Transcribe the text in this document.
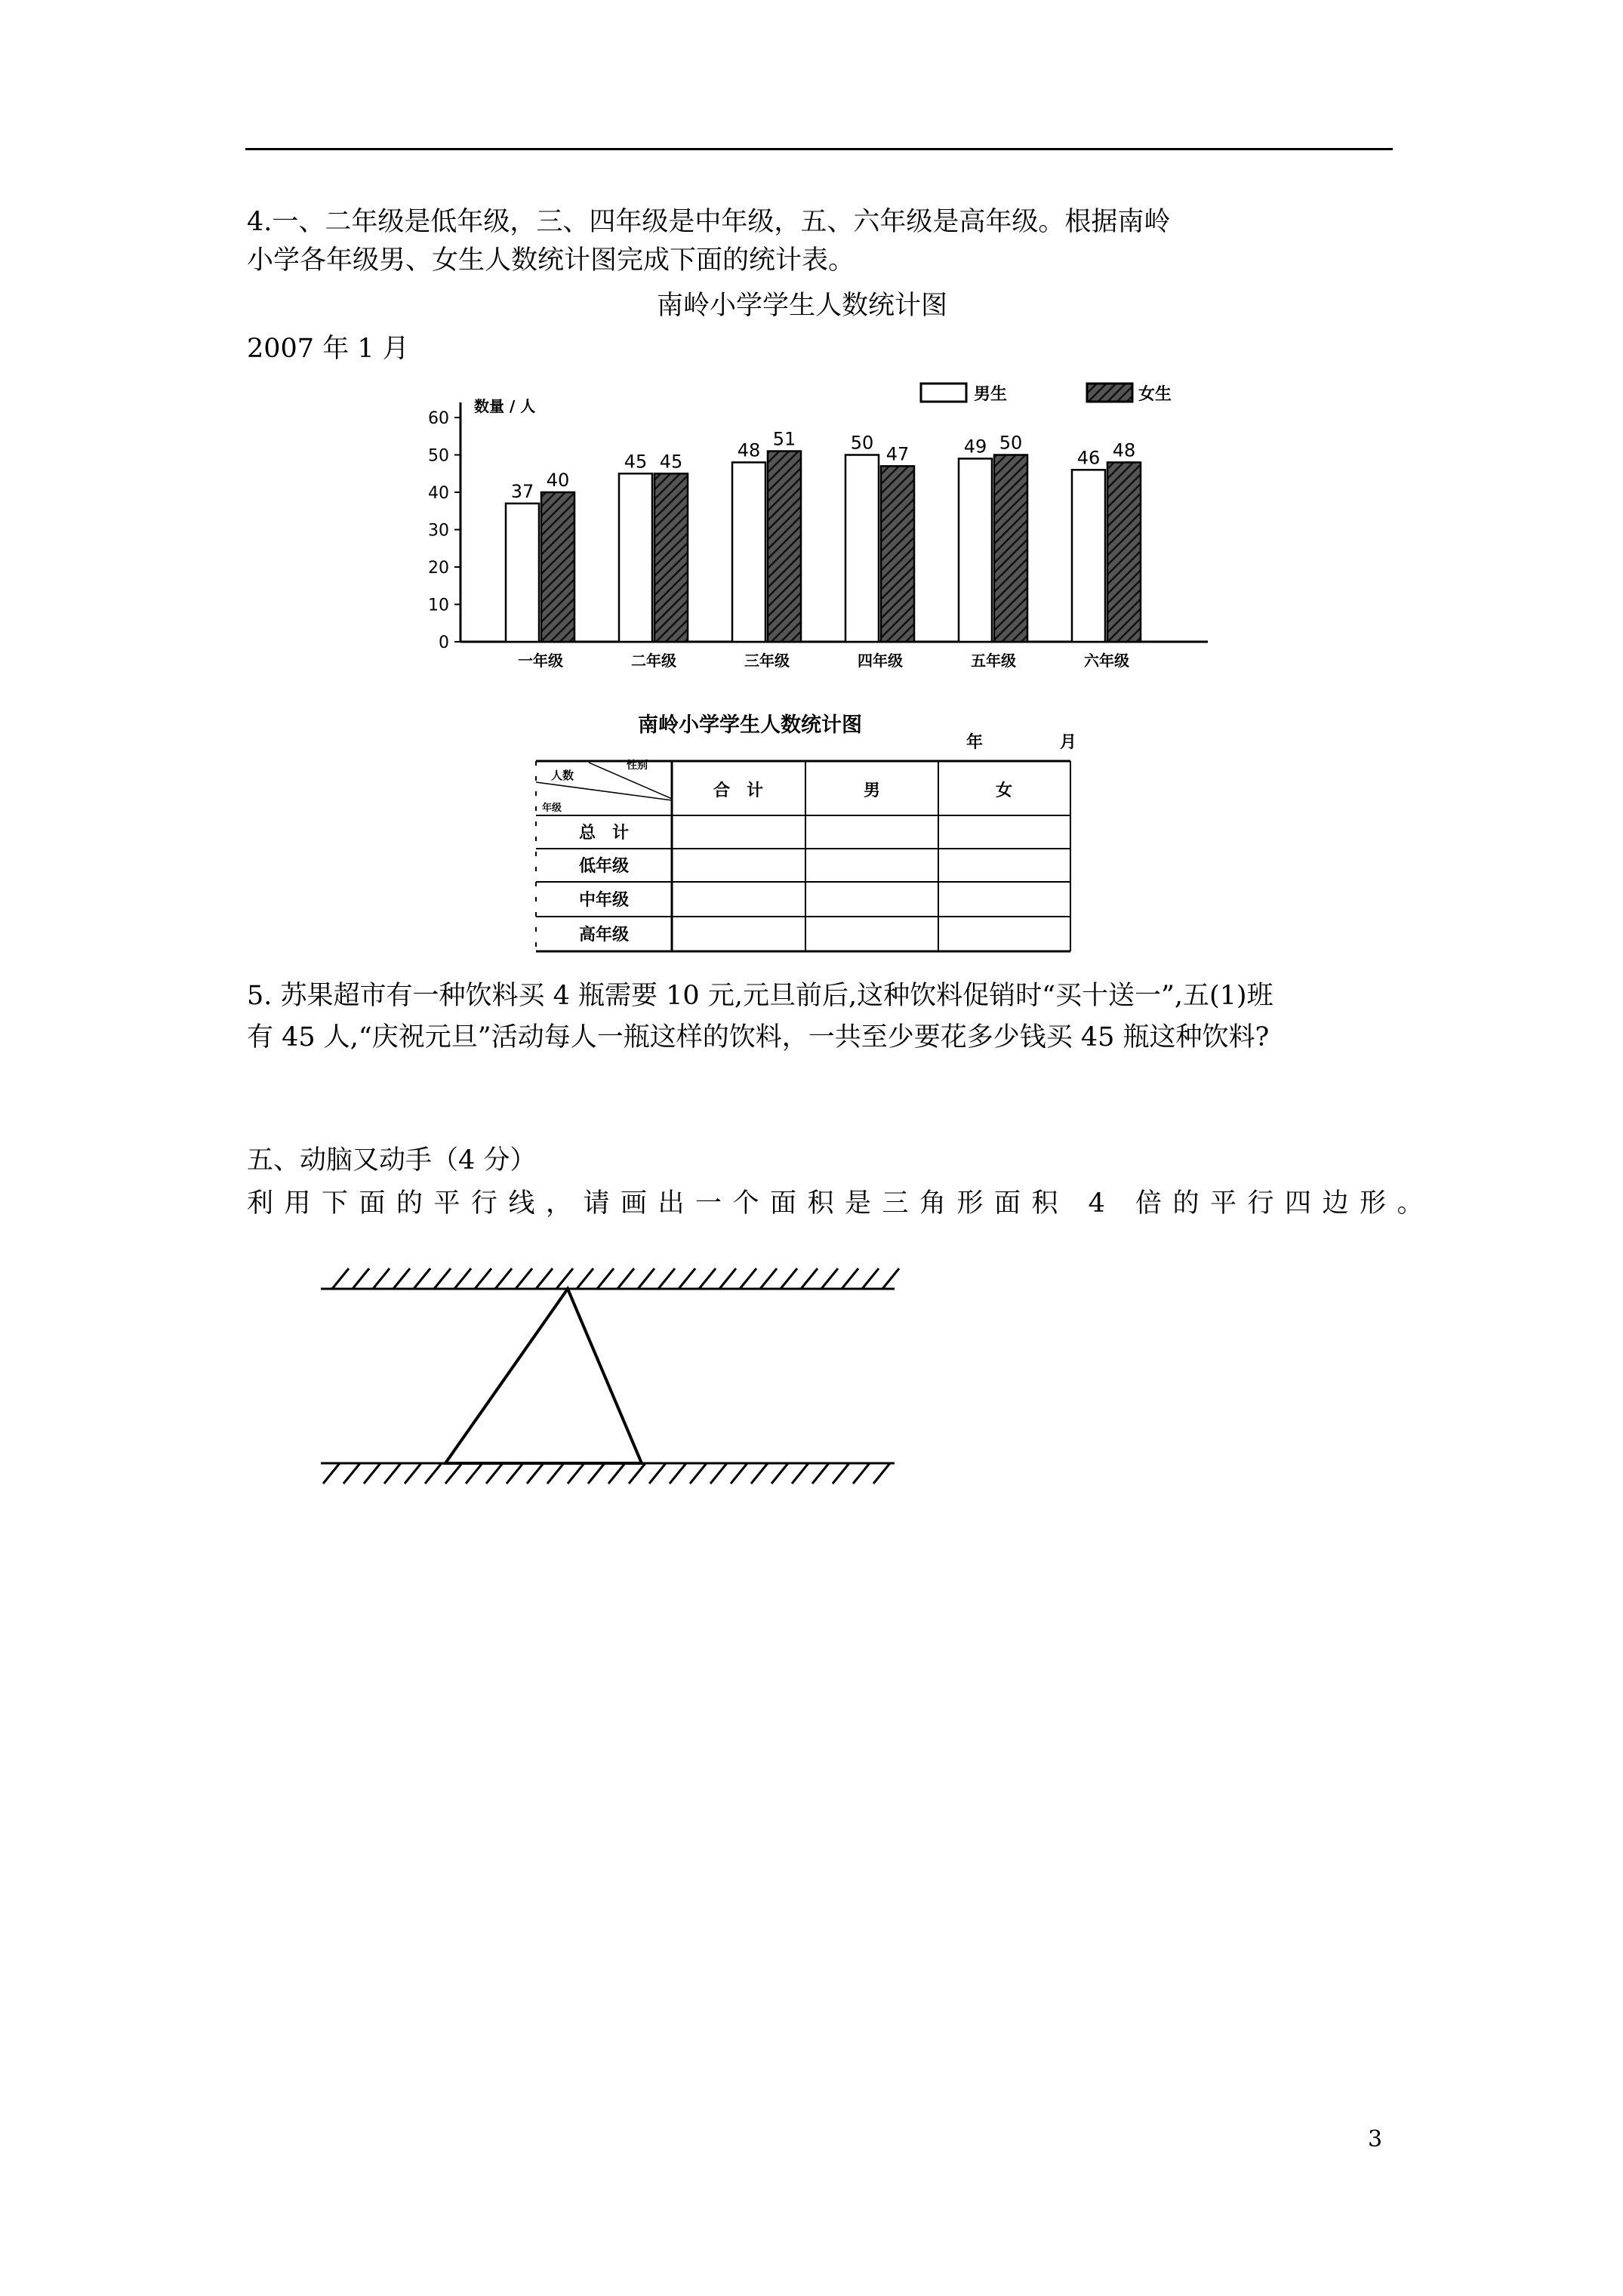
4.一、二年级是低年级，三、四年级是中年级，五、六年级是高年级。根据南岭
小学各年级男、女生人数统计图完成下面的统计表。
南岭小学学生人数统计图
2007 年 1 月
0
10
20
30
40
50
60
数量 / 人
37
40
一年级
45 45
二年级
48
51
三年级
50
47
四年级
49 50
五年级
46 48
六年级
男生	女生
南岭小学学生人数统计图
年　月
性别
人数
年级
合　计	男	女
总　计
低年级
中年级
高年级
5. 苏果超市有一种饮料买 4 瓶需要 10 元,元旦前后,这种饮料促销时“买十送一”,五(1)班
有 45 人,“庆祝元旦”活动每人一瓶这样的饮料，一共至少要花多少钱买 45 瓶这种饮料?
五、动脑又动手（4 分）
利用下面的平行线，请画出一个面积是三角形面积 4 倍的平行四边形。
3
